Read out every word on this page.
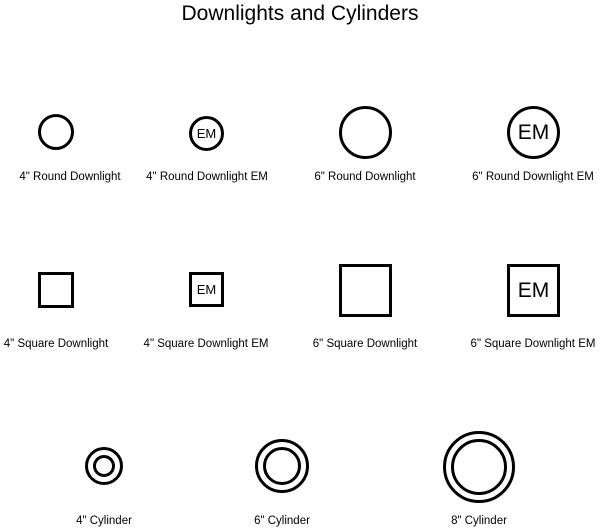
Downlights and Cylinders
4" Round Downlight
EM
4" Round Downlight EM	6" Round Downlight
EM
6" Round Downlight EM
4" Square Downlight
EM
4" Square Downlight EM	6" Square Downlight
EM
6" Square Downlight EM
4" Cylinder	6" Cylinder	8" Cylinder
